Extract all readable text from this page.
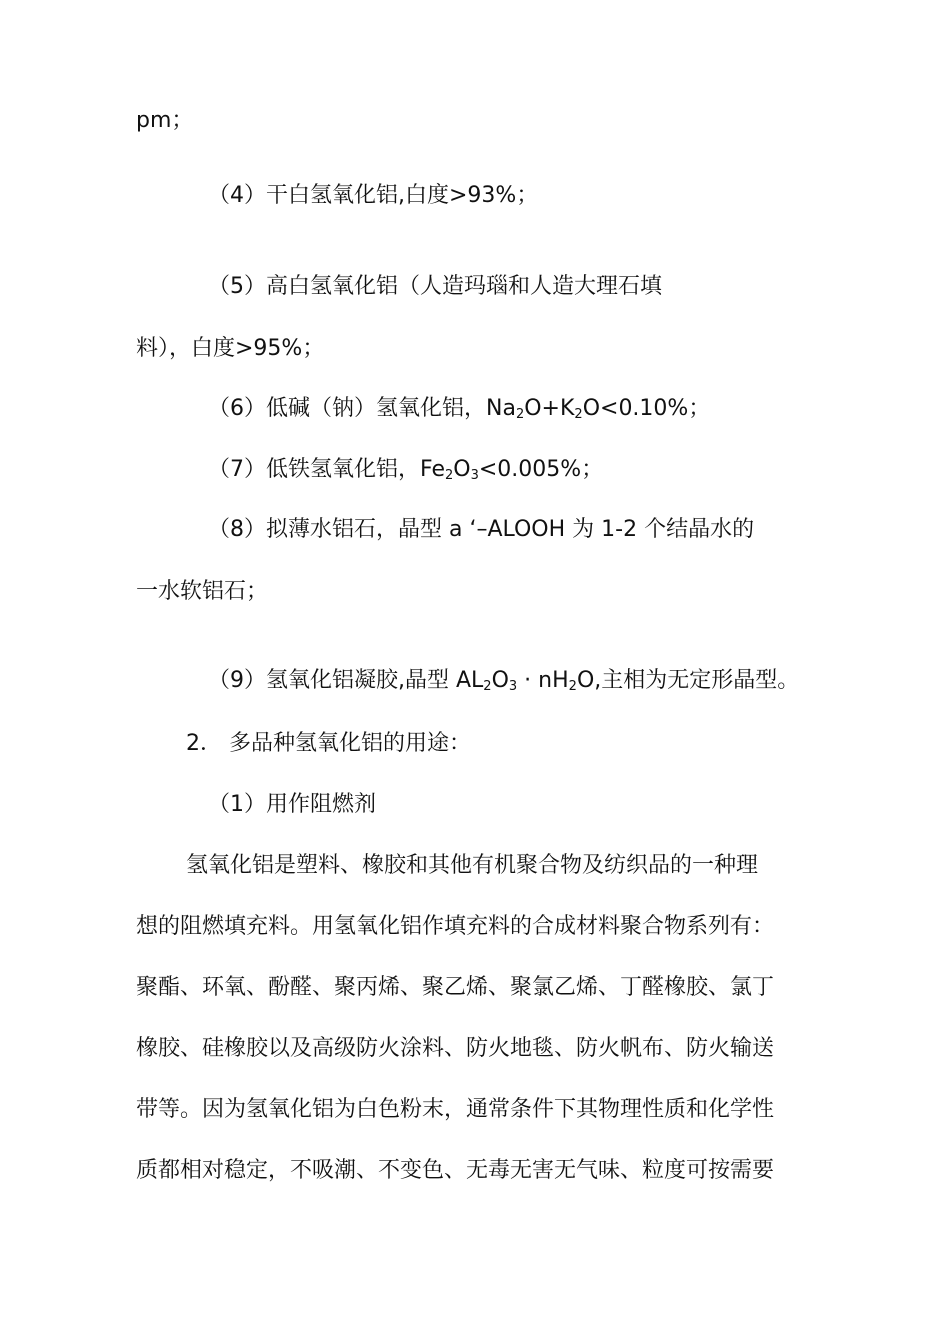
pm；

（4）干白氢氧化铝,白度>93%；

（5）高白氢氧化铝（人造玛瑙和人造大理石填

料），白度>95%；

（6）低碱（钠）氢氧化铝，$Na_2O+K_2O<0.10\%$；

（7）低铁氢氧化铝，$Fe_2O_3<0.005\%$；

（8）拟薄水铝石，晶型 a ‘–ALOOH 为 1-2 个结晶水的

一水软铝石；

（9）氢氧化铝凝胶,晶型 $AL_2O_3 \cdot nH_2O$,主相为无定形晶型。

2． 多品种氢氧化铝的用途：

（1）用作阻燃剂

氢氧化铝是塑料、橡胶和其他有机聚合物及纺织品的一种理

想的阻燃填充料。用氢氧化铝作填充料的合成材料聚合物系列有：

聚酯、环氧、酚醛、聚丙烯、聚乙烯、聚氯乙烯、丁醛橡胶、氯丁

橡胶、硅橡胶以及高级防火涂料、防火地毯、防火帆布、防火输送

带等。因为氢氧化铝为白色粉末，通常条件下其物理性质和化学性

质都相对稳定，不吸潮、不变色、无毒无害无气味、粒度可按需要
